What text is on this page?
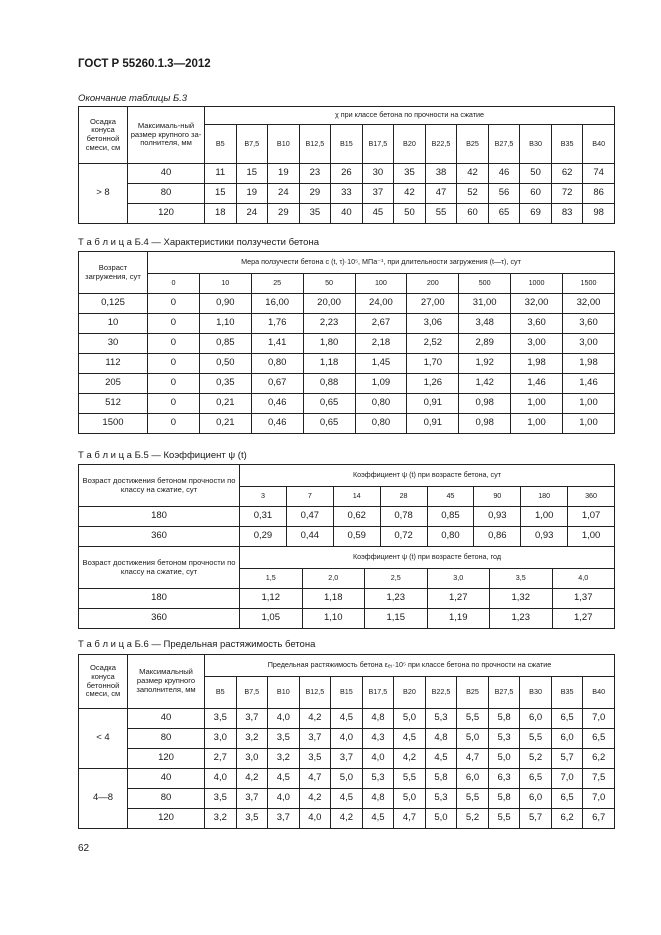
ГОСТ Р 55260.1.3—2012
Окончание таблицы Б.3
Осадка конуса бетонной смеси, см	Максималь-ный размер крупного за-полнителя, мм	χ при классе бетона по прочности на сжатие												
		B5	B7,5	B10	B12,5	B15	B17,5	B20	B22,5	B25	B27,5	B30	B35	B40
> 8	40	11	15	19	23	26	30	35	38	42	46	50	62	74
	80	15	19	24	29	33	37	42	47	52	56	60	72	86
	120	18	24	29	35	40	45	50	55	60	65	69	83	98
Т а б л и ц а Б.4 — Характеристики ползучести бетона
Возраст загружения, сут	Мера ползучести бетона c (t, τ)·10⁵, МПа⁻¹, при длительности загружения (t—τ), сут								
	0	10	25	50	100	200	500	1000	1500
0,125	0	0,90	16,00	20,00	24,00	27,00	31,00	32,00	32,00
10	0	1,10	1,76	2,23	2,67	3,06	3,48	3,60	3,60
30	0	0,85	1,41	1,80	2,18	2,52	2,89	3,00	3,00
112	0	0,50	0,80	1,18	1,45	1,70	1,92	1,98	1,98
205	0	0,35	0,67	0,88	1,09	1,26	1,42	1,46	1,46
512	0	0,21	0,46	0,65	0,80	0,91	0,98	1,00	1,00
1500	0	0,21	0,46	0,65	0,80	0,91	0,98	1,00	1,00
Т а б л и ц а Б.5 — Коэффициент ψ (t)
Возраст достижения бетоном прочности по классу на сжатие, сут	Коэффициент ψ (t) при возрасте бетона, сут											
	3	7		14		28	45	90		180		360
180	0,31	0,47		0,62		0,78	0,85	0,93		1,00		1,07
360	0,29	0,44		0,59		0,72	0,80	0,86		0,93		1,00
Возраст достижения бетоном прочности по классу на сжатие, сут	Коэффициент ψ (t) при возрасте бетона, год											
	1,5		2,0		2,5		3,0		3,5		4,0	
180	1,12		1,18		1,23		1,27		1,32		1,37	
360	1,05		1,10		1,15		1,19		1,23		1,27	
Т а б л и ц а Б.6 — Предельная растяжимость бетона
Осадка конуса бетонной смеси, см	Максимальный размер крупного заполнителя, мм	Предельная растяжимость бетона εₑₜ·10⁵ при классе бетона по прочности на сжатие												
		B5	B7,5	B10	B12,5	B15	B17,5	B20	B22,5	B25	B27,5	B30	B35	B40
< 4	40	3,5	3,7	4,0	4,2	4,5	4,8	5,0	5,3	5,5	5,8	6,0	6,5	7,0
	80	3,0	3,2	3,5	3,7	4,0	4,3	4,5	4,8	5,0	5,3	5,5	6,0	6,5
	120	2,7	3,0	3,2	3,5	3,7	4,0	4,2	4,5	4,7	5,0	5,2	5,7	6,2
4—8	40	4,0	4,2	4,5	4,7	5,0	5,3	5,5	5,8	6,0	6,3	6,5	7,0	7,5
	80	3,5	3,7	4,0	4,2	4,5	4,8	5,0	5,3	5,5	5,8	6,0	6,5	7,0
	120	3,2	3,5	3,7	4,0	4,2	4,5	4,7	5,0	5,2	5,5	5,7	6,2	6,7
62
